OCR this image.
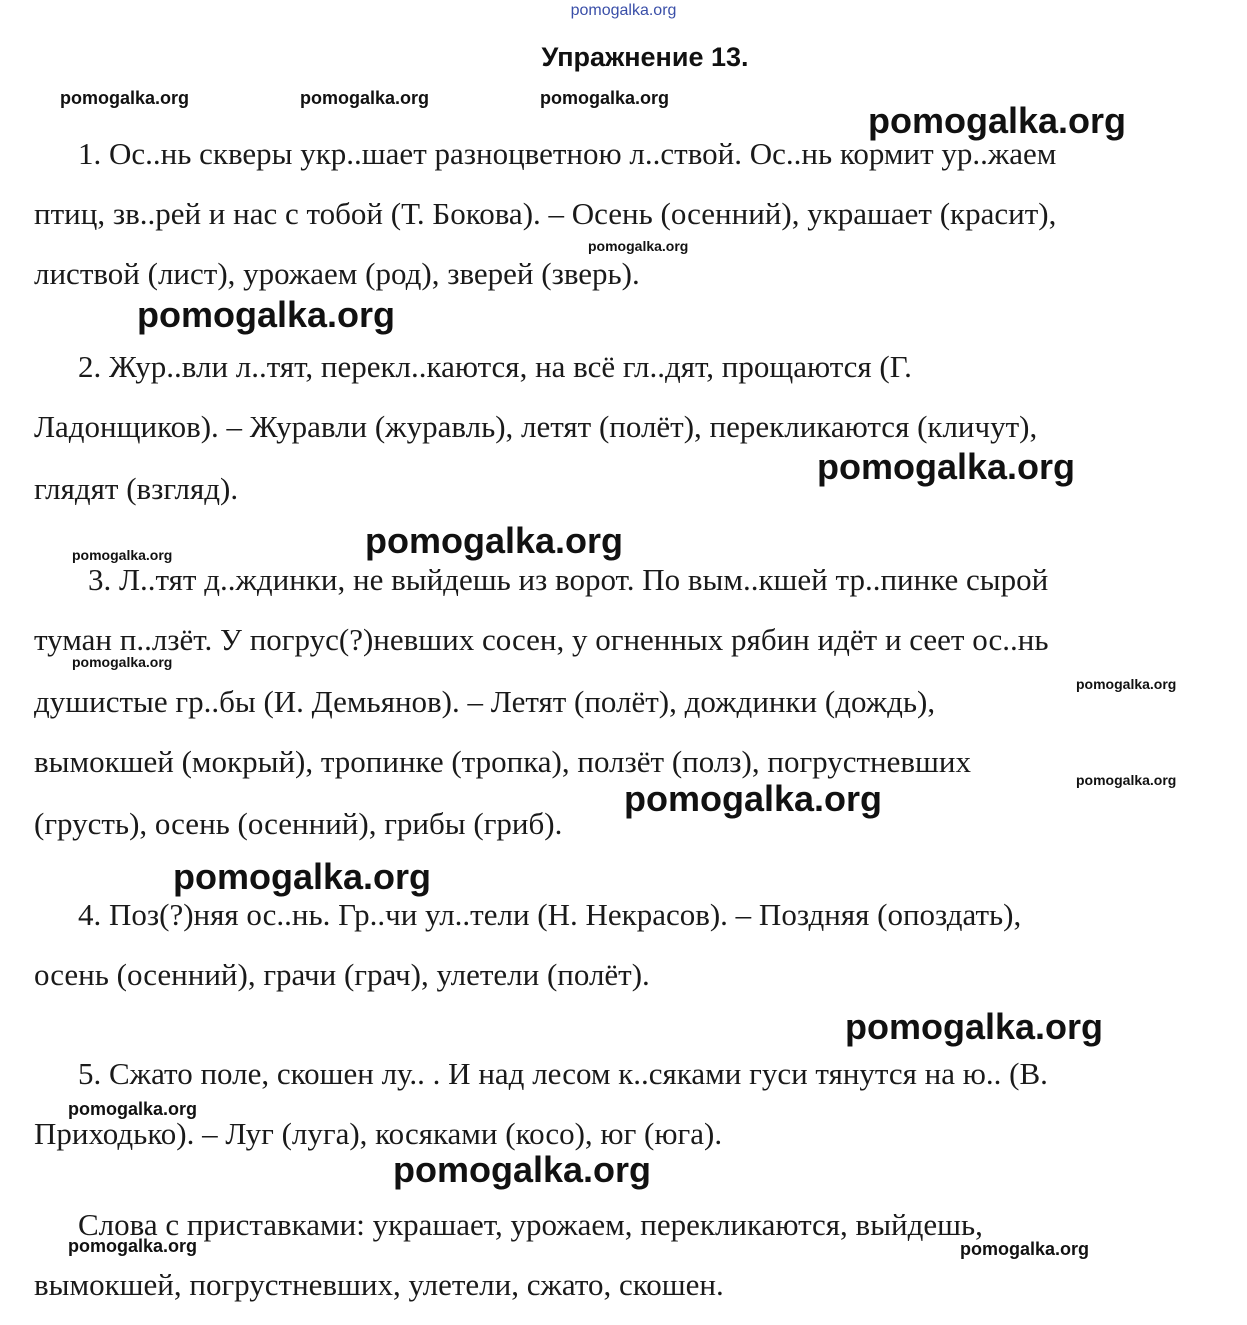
pomogalka.org
Упражнение 13.
pomogalka.org	pomogalka.org	pomogalka.org
pomogalka.org
pomogalka.org
pomogalka.org
pomogalka.org
pomogalka.org
pomogalka.org
pomogalka.org
pomogalka.org
pomogalka.org
pomogalka.org
pomogalka.org
pomogalka.org
pomogalka.org
pomogalka.org
pomogalka.org	pomogalka.org
1. Ос..нь скверы укр..шает разноцветною л..ствой. Ос..нь кормит ур..жаем
птиц, зв..рей и нас с тобой (Т. Бокова). – Осень (осенний), украшает (красит),
листвой (лист), урожаем (род), зверей (зверь).
2. Жур..вли л..тят, перекл..каются, на всё гл..дят, прощаются (Г.
Ладонщиков). – Журавли (журавль), летят (полёт), перекликаются (кличут),
глядят (взгляд).
3. Л..тят д..ждинки, не выйдешь из ворот. По вым..кшей тр..пинке сырой
туман п..лзёт. У погрус(?)невших сосен, у огненных рябин идёт и сеет ос..нь
душистые гр..бы (И. Демьянов). – Летят (полёт), дождинки (дождь),
вымокшей (мокрый), тропинке (тропка), ползёт (полз), погрустневших
(грусть), осень (осенний), грибы (гриб).
4. Поз(?)няя ос..нь. Гр..чи ул..тели (Н. Некрасов). – Поздняя (опоздать),
осень (осенний), грачи (грач), улетели (полёт).
5. Сжато поле, скошен лу.. . И над лесом к..сяками гуси тянутся на ю.. (В.
Приходько). – Луг (луга), косяками (косо), юг (юга).
Слова с приставками: украшает, урожаем, перекликаются, выйдешь,
вымокшей, погрустневших, улетели, сжато, скошен.
